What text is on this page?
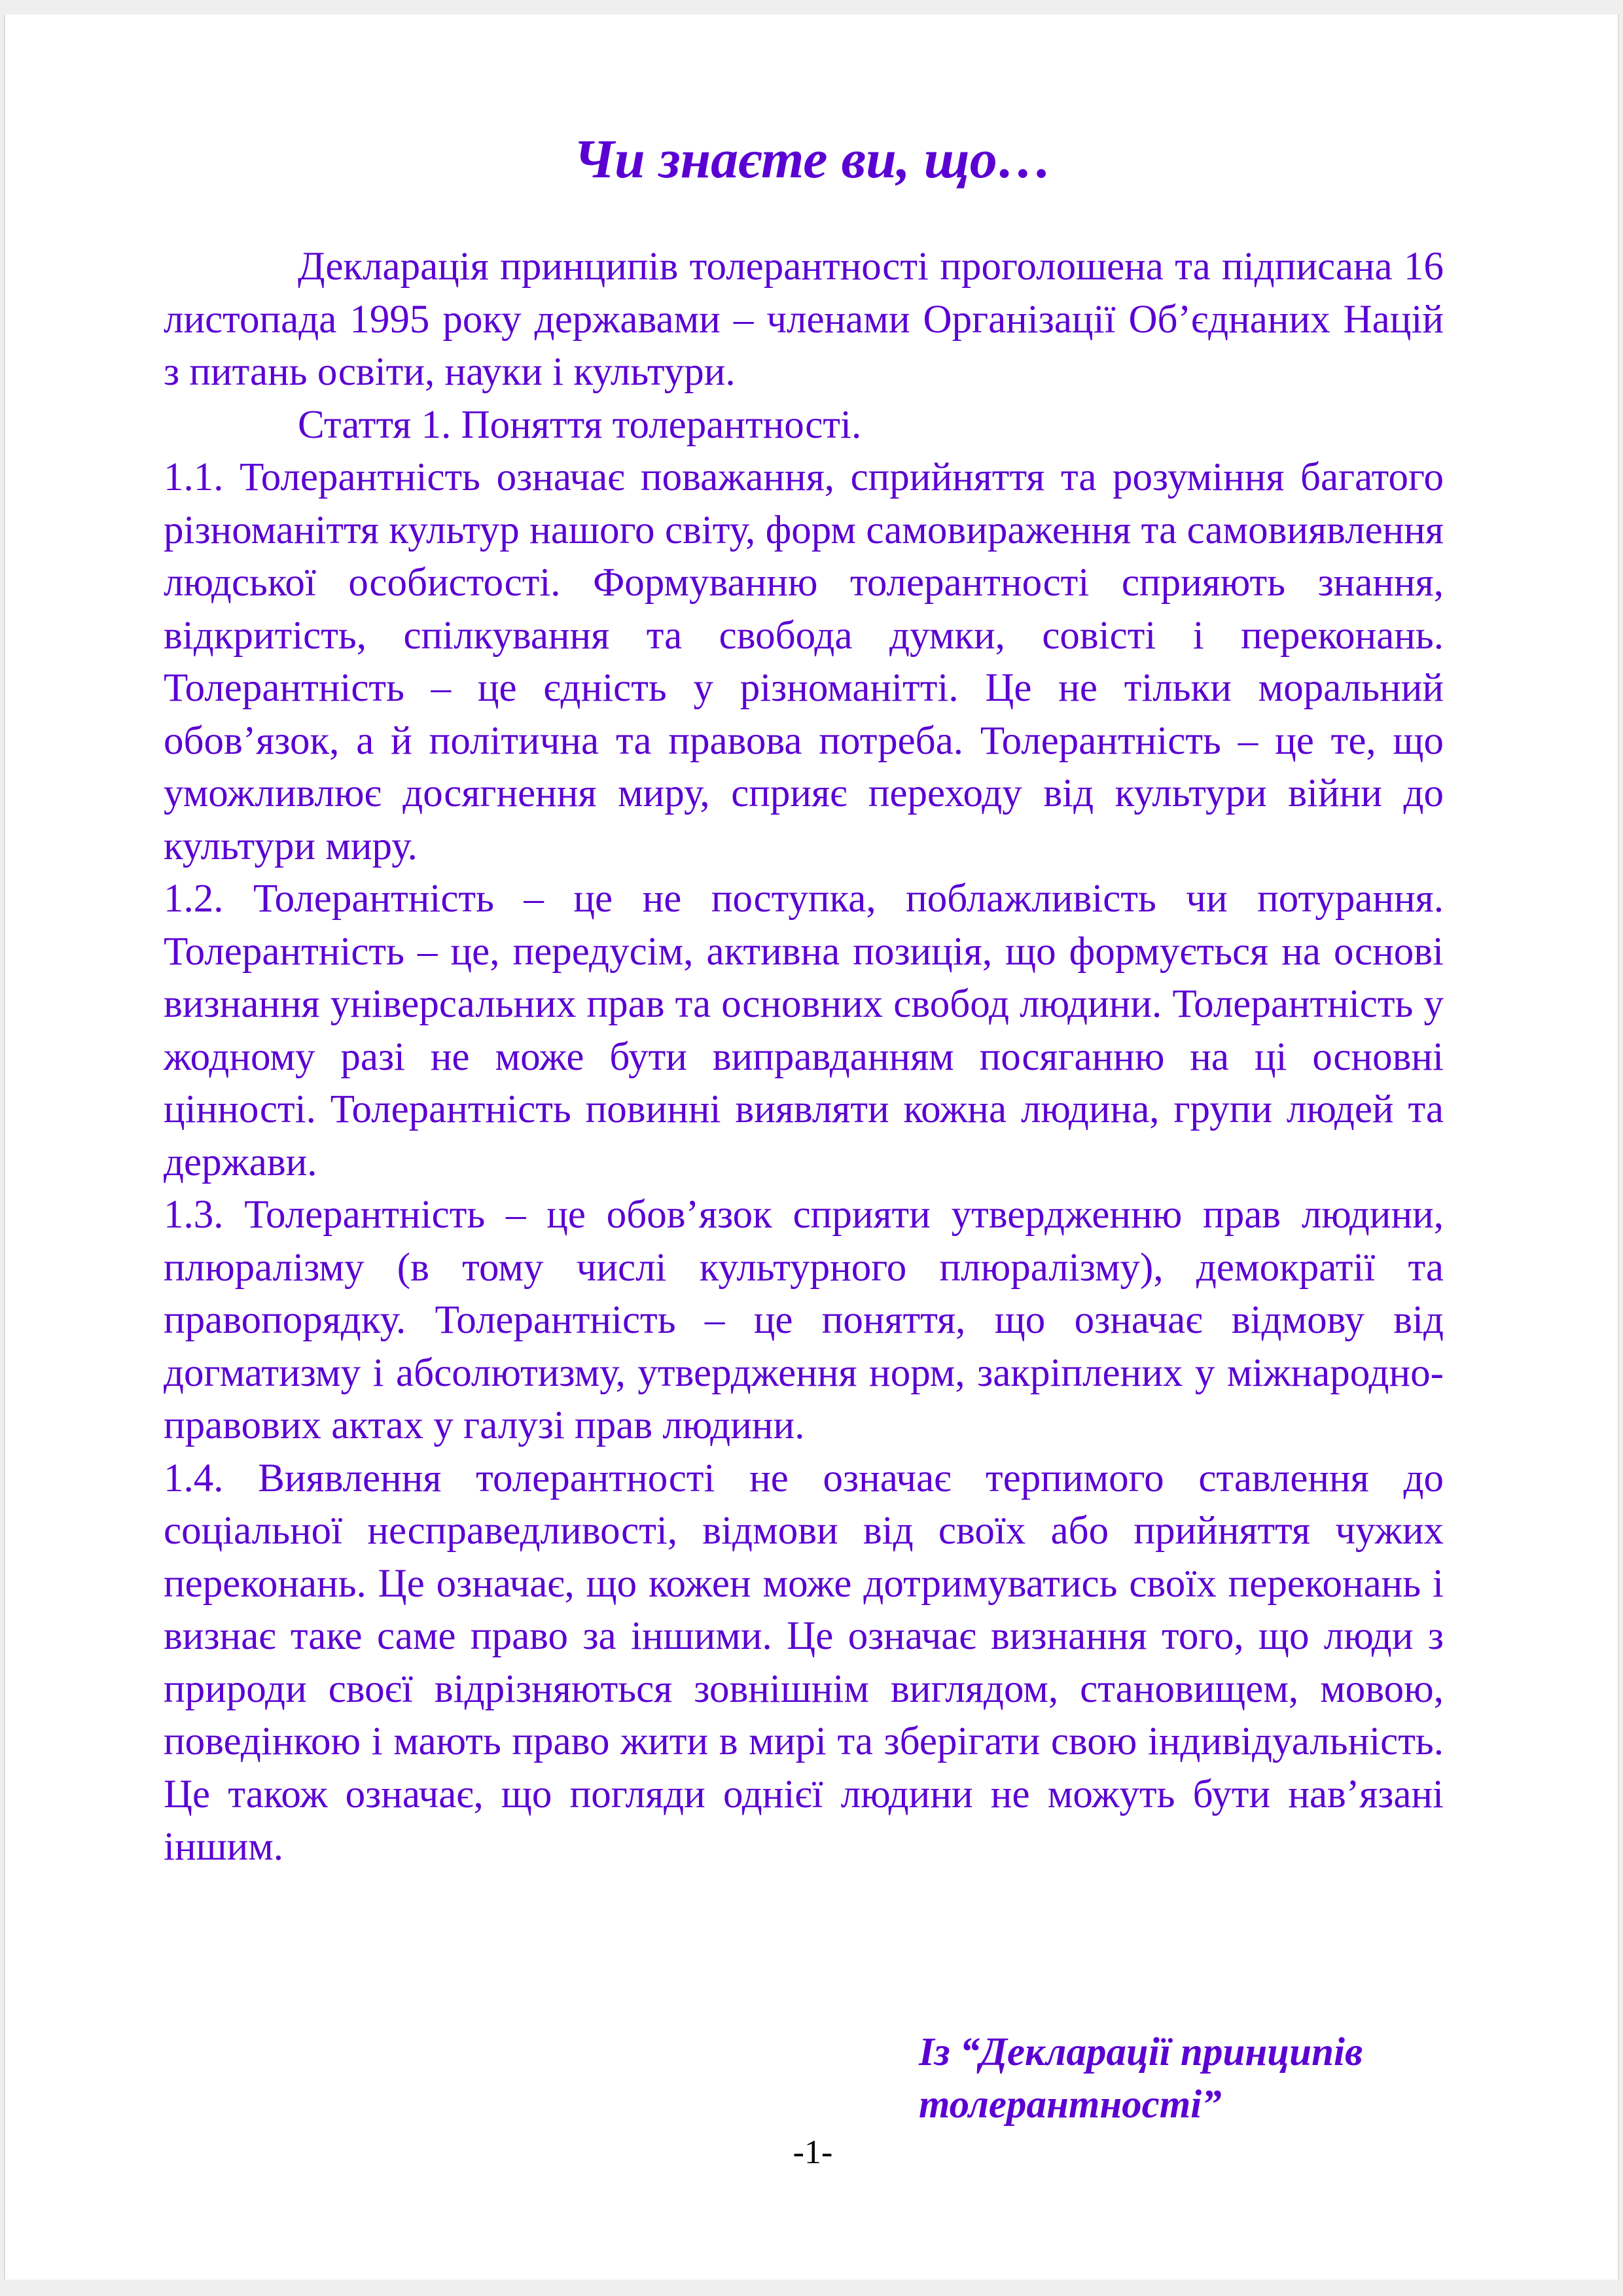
Чи знаєте ви, що…

Декларація принципів толерантності проголошена та підписана 16 листопада 1995 року державами – членами Організації Об’єднаних Націй з питань освіти, науки і культури.

Стаття 1. Поняття толерантності.

1.1. Толерантність означає поважання, сприйняття та розуміння багатого різноманіття культур нашого світу, форм самовираження та самовиявлення людської особистості. Формуванню толерантності сприяють знання, відкритість, спілкування та свобода думки, совісті і переконань. Толерантність – це єдність у різноманітті. Це не тільки моральний обов’язок, а й політична та правова потреба. Толерантність – це те, що уможливлює досягнення миру, сприяє переходу від культури війни до культури миру.

1.2. Толерантність – це не поступка, поблажливість чи потурання. Толерантність – це, передусім, активна позиція, що формується на основі визнання універсальних прав та основних свобод людини. Толерантність у жодному разі не може бути виправданням посяганню на ці основні цінності. Толерантність повинні виявляти кожна людина, групи людей та держави.

1.3. Толерантність – це обов’язок сприяти утвердженню прав людини, плюралізму (в тому числі культурного плюралізму), демократії та правопорядку. Толерантність – це поняття, що означає відмову від догматизму і абсолютизму, утвердження норм, закріплених у міжнародно-правових актах у галузі прав людини.

1.4. Виявлення толерантності не означає терпимого ставлення до соціальної несправедливості, відмови від своїх або прийняття чужих переконань. Це означає, що кожен може дотримуватись своїх переконань і визнає таке саме право за іншими. Це означає визнання того, що люди з природи своєї відрізняються зовнішнім виглядом, становищем, мовою, поведінкою і мають право жити в мирі та зберігати свою індивідуальність. Це також означає, що погляди однієї людини не можуть бути нав’язані іншим.

Із “Декларації принципів
толерантності”
-1-
